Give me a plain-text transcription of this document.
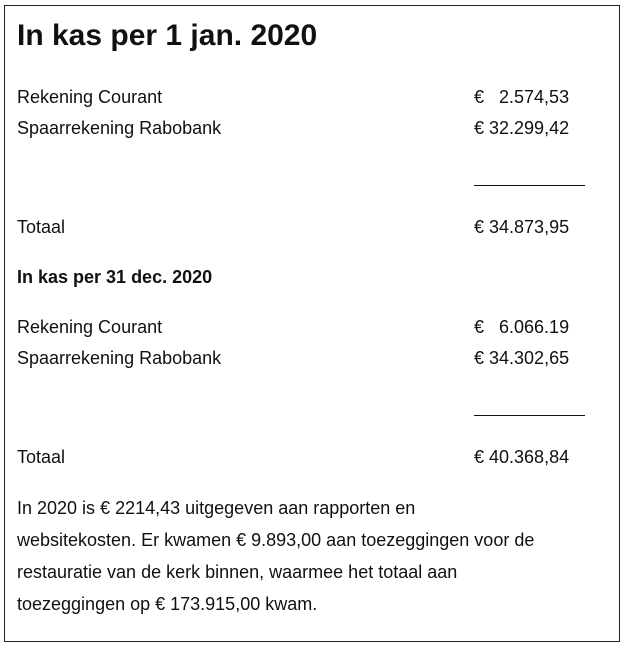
In kas per 1 jan. 2020
Rekening Courant	€   2.574,53
Spaarrekening Rabobank	€ 32.299,42
Totaal	€ 34.873,95
In kas per 31 dec. 2020
Rekening Courant	€   6.066.19
Spaarrekening Rabobank	€ 34.302,65
Totaal	€ 40.368,84
In 2020 is € 2214,43 uitgegeven aan rapporten en
websitekosten. Er kwamen € 9.893,00 aan toezeggingen voor de
restauratie van de kerk binnen, waarmee het totaal aan
toezeggingen op € 173.915,00 kwam.
